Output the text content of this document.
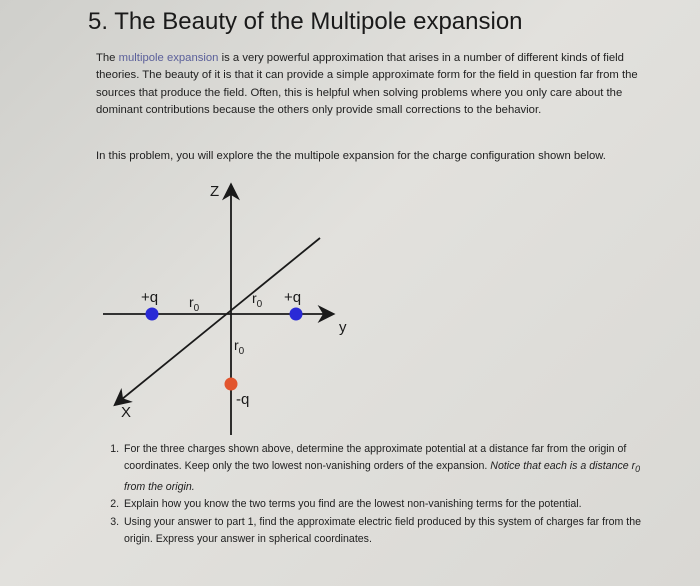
5. The Beauty of the Multipole expansion
The multipole expansion is a very powerful approximation that arises in a number of different kinds of field theories. The beauty of it is that it can provide a simple approximate form for the field in question far from the sources that produce the field. Often, this is helpful when solving problems where you only care about the dominant contributions because the others only provide small corrections to the behavior.
In this problem, you will explore the the multipole expansion for the charge configuration shown below.
Z
y
X
+q	+q
-q
$r_0$
$r_0$
$r_0$
1. For the three charges shown above, determine the approximate potential at a distance far from the origin of coordinates. Keep only the two lowest non-vanishing orders of the expansion. Notice that each is a distance $r_0$ from the origin.
2. Explain how you know the two terms you find are the lowest non-vanishing terms for the potential.
3. Using your answer to part 1, find the approximate electric field produced by this system of charges far from the origin. Express your answer in spherical coordinates.
